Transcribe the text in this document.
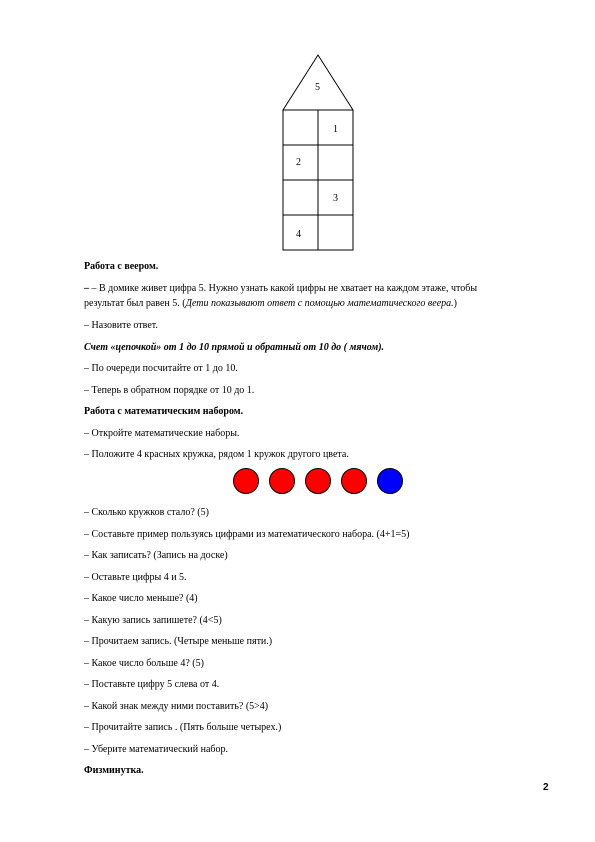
5
1
2
3
4
Работа с веером.
– – В домике живет цифра 5. Нужно узнать какой цифры не хватает на каждом этаже, чтобы
результат был равен 5. (Дети показывают ответ с помощью математического веера.)
– Назовите ответ.
Счет «цепочкой» от 1 до 10 прямой и обратный от 10 до ( мячом).
– По очереди посчитайте от 1 до 10.
– Теперь в обратном порядке от 10 до 1.
Работа с математическим набором.
– Откройте математические наборы.
– Положите 4 красных кружка, рядом 1 кружок другого цвета.
– Сколько кружков стало? (5)
– Составьте пример пользуясь цифрами из математического набора. (4+1=5)
– Как записать? (Запись на доске)
– Оставьте цифры 4 и 5.
– Какое число меньше? (4)
– Какую запись запишете? (4<5)
– Прочитаем запись. (Четыре меньше пяти.)
– Какое число больше 4? (5)
– Поставьте цифру 5 слева от 4.
– Какой знак между ними поставить? (5>4)
– Прочитайте запись . (Пять больше четырех.)
– Уберите математический набор.
Физминутка.
2
